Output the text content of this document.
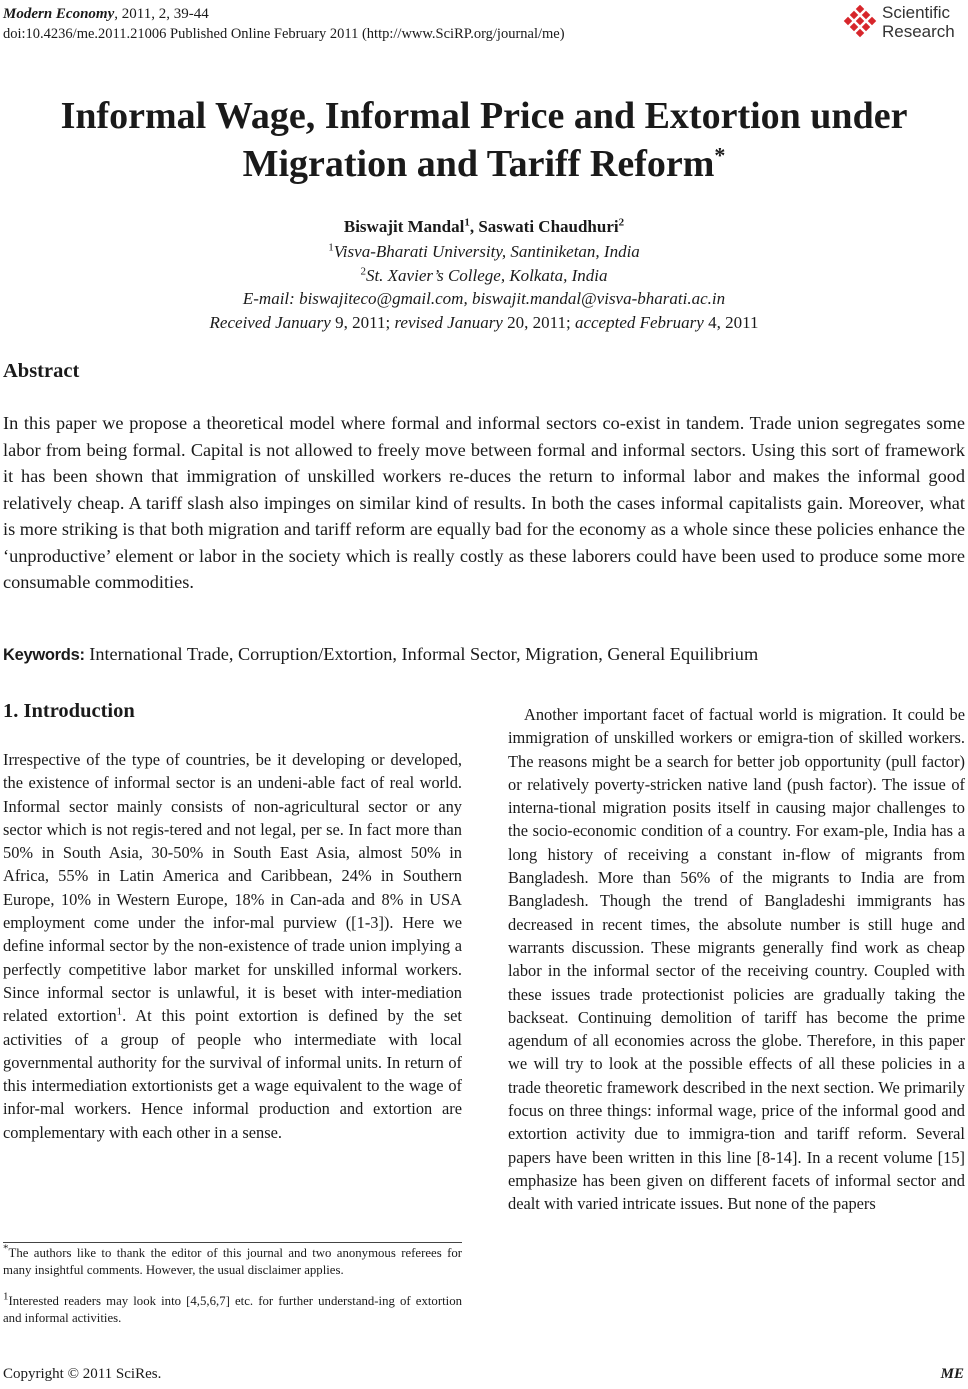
Modern Economy, 2011, 2, 39-44
doi:10.4236/me.2011.21006 Published Online February 2011 (http://www.SciRP.org/journal/me)
Scientific
Research
Informal Wage, Informal Price and Extortion under
Migration and Tariff Reform*
Biswajit Mandal$^1$, Saswati Chaudhuri$^2$
$^1$Visva-Bharati University, Santiniketan, India
$^2$St. Xavier’s College, Kolkata, India
E-mail: biswajiteco@gmail.com, biswajit.mandal@visva-bharati.ac.in
Received January 9, 2011; revised January 20, 2011; accepted February 4, 2011
Abstract

In this paper we propose a theoretical model where formal and informal sectors co-exist in tandem. Trade union segregates some labor from being formal. Capital is not allowed to freely move between formal and informal sectors. Using this sort of framework it has been shown that immigration of unskilled workers re-duces the return to informal labor and makes the informal good relatively cheap. A tariff slash also impinges on similar kind of results. In both the cases informal capitalists gain. Moreover, what is more striking is that both migration and tariff reform are equally bad for the economy as a whole since these policies enhance the ‘unproductive’ element or labor in the society which is really costly as these laborers could have been used to produce some more consumable commodities.

Keywords: International Trade, Corruption/Extortion, Informal Sector, Migration, General Equilibrium
1. Introduction

Irrespective of the type of countries, be it developing or developed, the existence of informal sector is an undeni-able fact of real world. Informal sector mainly consists of non-agricultural sector or any sector which is not regis-tered and not legal, per se. In fact more than 50% in South Asia, 30-50% in South East Asia, almost 50% in Africa, 55% in Latin America and Caribbean, 24% in Southern Europe, 10% in Western Europe, 18% in Can-ada and 8% in USA employment come under the infor-mal purview ([1-3]). Here we define informal sector by the non-existence of trade union implying a perfectly competitive labor market for unskilled informal workers. Since informal sector is unlawful, it is beset with inter-mediation related extortion$^1$. At this point extortion is defined by the set activities of a group of people who intermediate with local governmental authority for the survival of informal units. In return of this intermediation extortionists get a wage equivalent to the wage of infor-mal workers. Hence informal production and extortion are complementary with each other in a sense.

Another important facet of factual world is migration. It could be immigration of unskilled workers or emigra-tion of skilled workers. The reasons might be a search for better job opportunity (pull factor) or relatively poverty-stricken native land (push factor). The issue of interna-tional migration posits itself in causing major challenges to the socio-economic condition of a country. For exam-ple, India has a long history of receiving a constant in-flow of migrants from Bangladesh. More than 56% of the migrants to India are from Bangladesh. Though the trend of Bangladeshi immigrants has decreased in recent times, the absolute number is still huge and warrants discussion. These migrants generally find work as cheap labor in the informal sector of the receiving country. Coupled with these issues trade protectionist policies are gradually taking the backseat. Continuing demolition of tariff has become the prime agendum of all economies across the globe. Therefore, in this paper we will try to look at the possible effects of all these policies in a trade theoretic framework described in the next section. We primarily focus on three things: informal wage, price of the informal good and extortion activity due to immigra-tion and tariff reform. Several papers have been written in this line [8-14]. In a recent volume [15] emphasize has been given on different facets of informal sector and dealt with varied intricate issues. But none of the papers

*The authors like to thank the editor of this journal and two anonymous referees for many insightful comments. However, the usual disclaimer applies.

$^1$Interested readers may look into [4,5,6,7] etc. for further understand-ing of extortion and informal activities.

Copyright © 2011 SciRes.	ME
